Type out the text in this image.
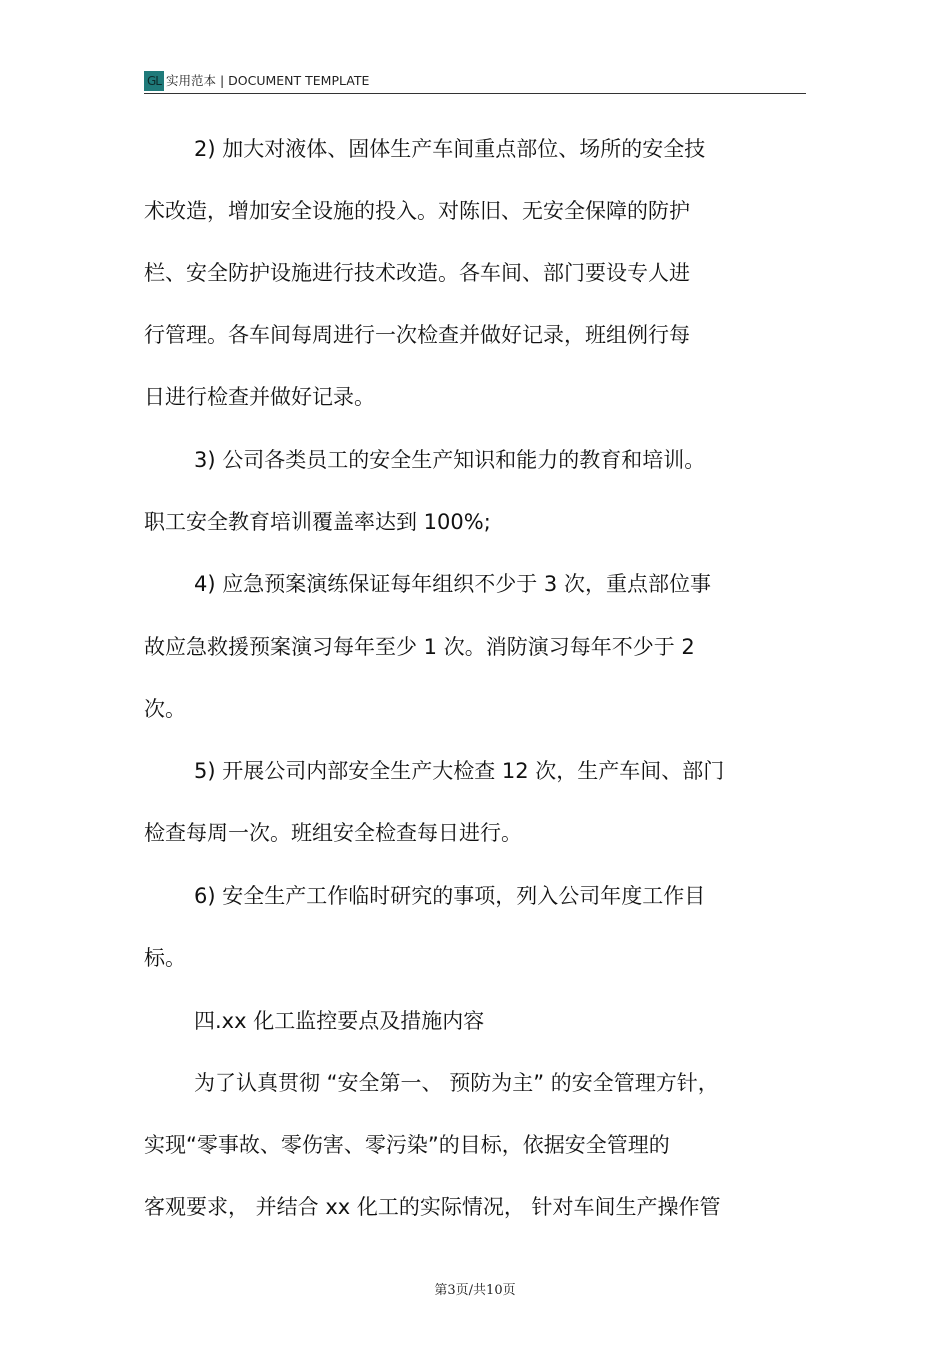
GL 实用范本 | DOCUMENT TEMPLATE
2) 加大对液体、固体生产车间重点部位、场所的安全技
术改造，增加安全设施的投入。对陈旧、无安全保障的防护
栏、安全防护设施进行技术改造。各车间、部门要设专人进
行管理。各车间每周进行一次检查并做好记录，班组例行每
日进行检查并做好记录。
3) 公司各类员工的安全生产知识和能力的教育和培训。
职工安全教育培训覆盖率达到 100%;
4) 应急预案演练保证每年组织不少于 3 次，重点部位事
故应急救援预案演习每年至少 1 次。消防演习每年不少于 2
次。
5) 开展公司内部安全生产大检查 12 次，生产车间、部门
检查每周一次。班组安全检查每日进行。
6) 安全生产工作临时研究的事项，列入公司年度工作目
标。
四.xx 化工监控要点及措施内容
为了认真贯彻 “安全第一、 预防为主” 的安全管理方针，
实现“零事故、零伤害、零污染”的目标，依据安全管理的
客观要求， 并结合 xx 化工的实际情况， 针对车间生产操作管
第3页/共10页
